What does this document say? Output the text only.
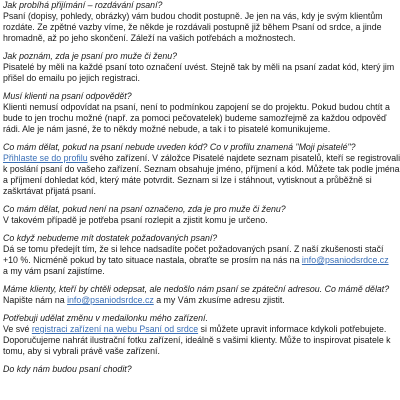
Jak probíhá přijímání – rozdávání psaní?

Psaní (dopisy, pohledy, obrázky) vám budou chodit postupně. Je jen na vás, kdy je svým klientům
rozdáte. Ze zpětné vazby víme, že někde je rozdávali postupně již během Psaní od srdce, a jinde
hromadně, až po jeho skončení. Záleží na vašich potřebách a možnostech.

Jak poznám, zda je psaní pro muže či ženu?

Pisatelé by měli na každé psaní toto označení uvést. Stejně tak by měli na psaní zadat kód, který jim
přišel do emailu po jejich registraci.

Musí klienti na psaní odpovědět?

Klienti nemusí odpovídat na psaní, není to podmínkou zapojení se do projektu. Pokud budou chtít a
bude to jen trochu možné (např. za pomoci pečovatelek) budeme samozřejmě za každou odpověď
rádi. Ale je nám jasné, že to někdy možné nebude, a tak i to pisatelé komunikujeme.

Co mám dělat, pokud na psaní nebude uveden kód? Co v profilu znamená "Moji pisatelé"?

Přihlaste se do profilu svého zařízení. V záložce Pisatelé najdete seznam pisatelů, kteří se registrovali
k poslání psaní do vašeho zařízení. Seznam obsahuje jméno, příjmení a kód. Můžete tak podle jména
a příjmení dohledat kód, který máte potvrdit. Seznam si lze i stáhnout, vytisknout a průběžně si
zaškrtávat přijatá psaní.

Co mám dělat, pokud není na psaní označeno, zda je pro muže či ženu?

V takovém případě je potřeba psaní rozlepit a zjistit komu je určeno.

Co když nebudeme mít dostatek požadovaných psaní?

Dá se tomu předejít tím, že si lehce nadsadíte počet požadovaných psaní. Z naší zkušenosti stačí
+10 %. Nicméně pokud by tato situace nastala, obraťte se prosím na nás na info@psaniodsrdce.cz
a my vám psaní zajistíme.

Máme klienty, kteří by chtěli odepsat, ale nedošlo nám psaní se zpáteční adresou. Co mámě dělat?

Napište nám na info@psaniodsrdce.cz a my Vám zkusíme adresu zjistit.

Potřebuji udělat změnu v medailonku mého zařízení.

Ve své registraci zařízení na webu Psaní od srdce si můžete upravit informace kdykoli potřebujete.
Doporučujeme nahrát ilustrační fotku zařízení, ideálně s vašimi klienty. Může to inspirovat pisatele k
tomu, aby si vybrali právě vaše zařízení.

Do kdy nám budou psaní chodit?
